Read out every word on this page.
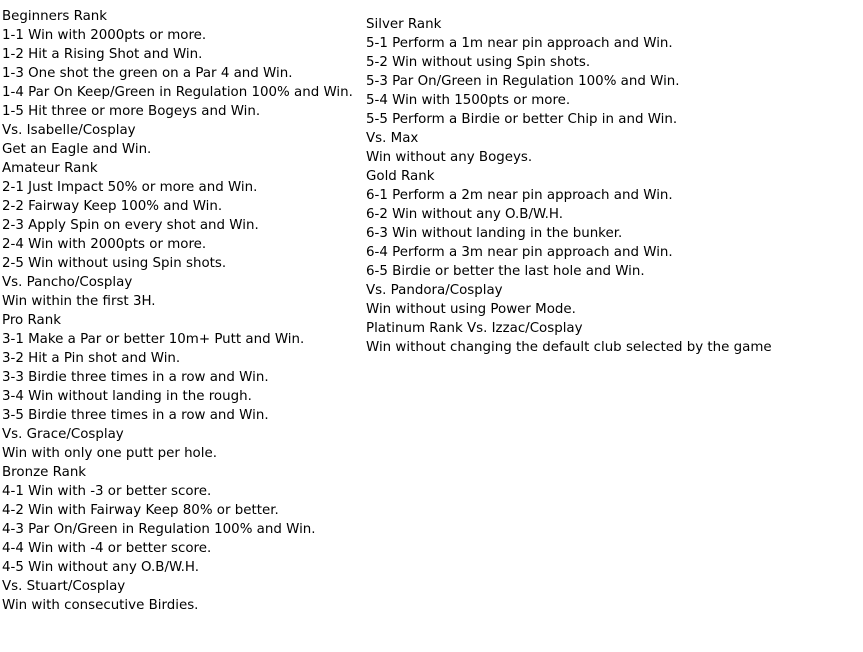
Beginners Rank
1-1 Win with 2000pts or more.
1-2 Hit a Rising Shot and Win.
1-3 One shot the green on a Par 4 and Win.
1-4 Par On Keep/Green in Regulation 100% and Win.
1-5 Hit three or more Bogeys and Win.
Vs. Isabelle/Cosplay
Get an Eagle and Win.
Amateur Rank
2-1 Just Impact 50% or more and Win.
2-2 Fairway Keep 100% and Win.
2-3 Apply Spin on every shot and Win.
2-4 Win with 2000pts or more.
2-5 Win without using Spin shots.
Vs. Pancho/Cosplay
Win within the first 3H.
Pro Rank
3-1 Make a Par or better 10m+ Putt and Win.
3-2 Hit a Pin shot and Win.
3-3 Birdie three times in a row and Win.
3-4 Win without landing in the rough.
3-5 Birdie three times in a row and Win.
Vs. Grace/Cosplay
Win with only one putt per hole.
Bronze Rank
4-1 Win with -3 or better score.
4-2 Win with Fairway Keep 80% or better.
4-3 Par On/Green in Regulation 100% and Win.
4-4 Win with -4 or better score.
4-5 Win without any O.B/W.H.
Vs. Stuart/Cosplay
Win with consecutive Birdies.
Silver Rank
5-1 Perform a 1m near pin approach and Win.
5-2 Win without using Spin shots.
5-3 Par On/Green in Regulation 100% and Win.
5-4 Win with 1500pts or more.
5-5 Perform a Birdie or better Chip in and Win.
Vs. Max
Win without any Bogeys.
Gold Rank
6-1 Perform a 2m near pin approach and Win.
6-2 Win without any O.B/W.H.
6-3 Win without landing in the bunker.
6-4 Perform a 3m near pin approach and Win.
6-5 Birdie or better the last hole and Win.
Vs. Pandora/Cosplay
Win without using Power Mode.
Platinum Rank Vs. Izzac/Cosplay
Win without changing the default club selected by the game
